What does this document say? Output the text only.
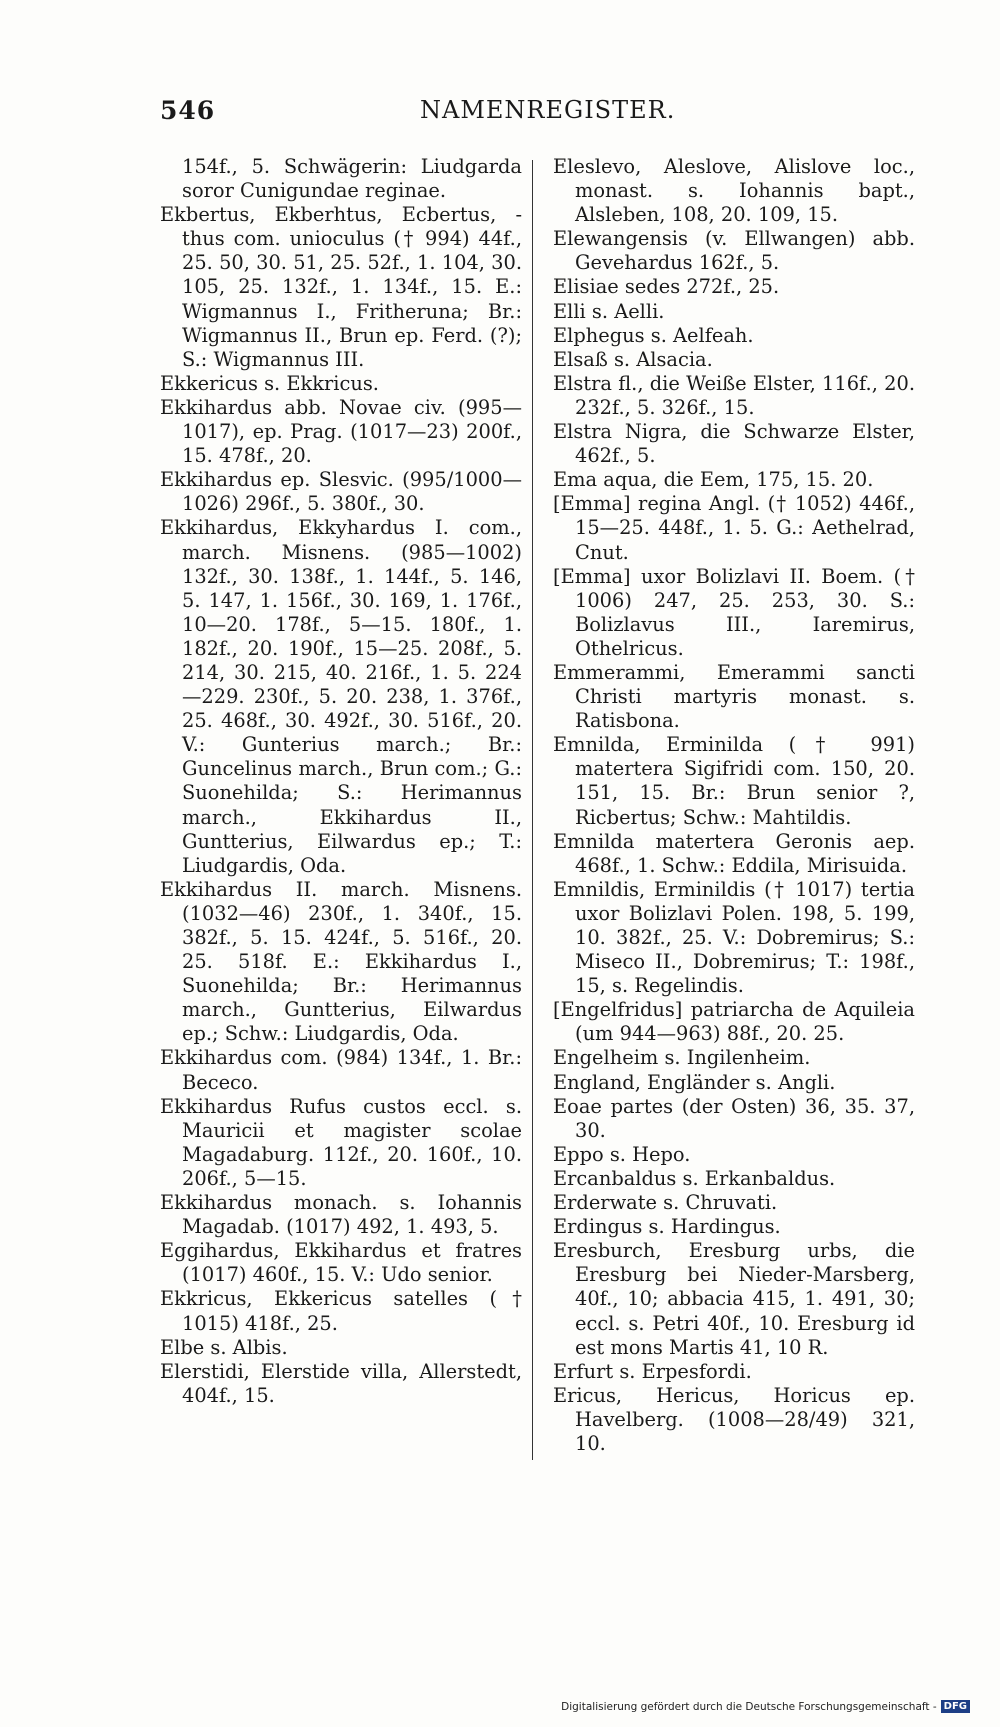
546	NAMENREGISTER.

154f., 5. Schwägerin: Liudgarda soror Cunigundae reginae.

Ekbertus, Ekberhtus, Ecbertus, -thus com. unioculus († 994) 44f., 25. 50, 30. 51, 25. 52f., 1. 104, 30. 105, 25. 132f., 1. 134f., 15. E.: Wigmannus I., Fritheruna; Br.: Wigmannus II., Brun ep. Ferd. (?); S.: Wigmannus III.

Ekkericus s. Ekkricus.

Ekkihardus abb. Novae civ. (995—1017), ep. Prag. (1017—23) 200f., 15. 478f., 20.

Ekkihardus ep. Slesvic. (995/1000—1026) 296f., 5. 380f., 30.

Ekkihardus, Ekkyhardus I. com., march. Misnens. (985—1002) 132f., 30. 138f., 1. 144f., 5. 146, 5. 147, 1. 156f., 30. 169, 1. 176f., 10—20. 178f., 5—15. 180f., 1. 182f., 20. 190f., 15—25. 208f., 5. 214, 30. 215, 40. 216f., 1. 5. 224—229. 230f., 5. 20. 238, 1. 376f., 25. 468f., 30. 492f., 30. 516f., 20. V.: Gunterius march.; Br.: Guncelinus march., Brun com.; G.: Suonehilda; S.: Herimannus march., Ekkihardus II., Guntterius, Eilwardus ep.; T.: Liudgardis, Oda.

Ekkihardus II. march. Misnens. (1032—46) 230f., 1. 340f., 15. 382f., 5. 15. 424f., 5. 516f., 20. 25. 518f. E.: Ekkihardus I., Suonehilda; Br.: Herimannus march., Guntterius, Eilwardus ep.; Schw.: Liudgardis, Oda.

Ekkihardus com. (984) 134f., 1. Br.: Bececo.

Ekkihardus Rufus custos eccl. s. Mauricii et magister scolae Magadaburg. 112f., 20. 160f., 10. 206f., 5—15.

Ekkihardus monach. s. Iohannis Magadab. (1017) 492, 1. 493, 5.

Eggihardus, Ekkihardus et fratres (1017) 460f., 15. V.: Udo senior.

Ekkricus, Ekkericus satelles († 1015) 418f., 25.

Elbe s. Albis.

Elerstidi, Elerstide villa, Allerstedt, 404f., 15.

Eleslevo, Aleslove, Alislove loc., monast. s. Iohannis bapt., Alsleben, 108, 20. 109, 15.

Elewangensis (v. Ellwangen) abb. Gevehardus 162f., 5.

Elisiae sedes 272f., 25.

Elli s. Aelli.

Elphegus s. Aelfeah.

Elsaß s. Alsacia.

Elstra fl., die Weiße Elster, 116f., 20. 232f., 5. 326f., 15.

Elstra Nigra, die Schwarze Elster, 462f., 5.

Ema aqua, die Eem, 175, 15. 20.

[Emma] regina Angl. († 1052) 446f., 15—25. 448f., 1. 5. G.: Aethelrad, Cnut.

[Emma] uxor Bolizlavi II. Boem. († 1006) 247, 25. 253, 30. S.: Bolizlavus III., Iaremirus, Othelricus.

Emmerammi, Emerammi sancti Christi martyris monast. s. Ratisbona.

Emnilda, Erminilda († 991) matertera Sigifridi com. 150, 20. 151, 15. Br.: Brun senior ?, Ricbertus; Schw.: Mahtildis.

Emnilda matertera Geronis aep. 468f., 1. Schw.: Eddila, Mirisuida.

Emnildis, Erminildis († 1017) tertia uxor Bolizlavi Polen. 198, 5. 199, 10. 382f., 25. V.: Dobremirus; S.: Miseco II., Dobremirus; T.: 198f., 15, s. Regelindis.

[Engelfridus] patriarcha de Aquileia (um 944—963) 88f., 20. 25.

Engelheim s. Ingilenheim.

England, Engländer s. Angli.

Eoae partes (der Osten) 36, 35. 37, 30.

Eppo s. Hepo.

Ercanbaldus s. Erkanbaldus.

Erderwate s. Chruvati.

Erdingus s. Hardingus.

Eresburch, Eresburg urbs, die Eresburg bei Nieder-Marsberg, 40f., 10; abbacia 415, 1. 491, 30; eccl. s. Petri 40f., 10. Eresburg id est mons Martis 41, 10 R.

Erfurt s. Erpesfordi.

Ericus, Hericus, Horicus ep. Havelberg. (1008—28/49) 321, 10.

Digitalisierung gefördert durch die Deutsche Forschungsgemeinschaft - DFG
